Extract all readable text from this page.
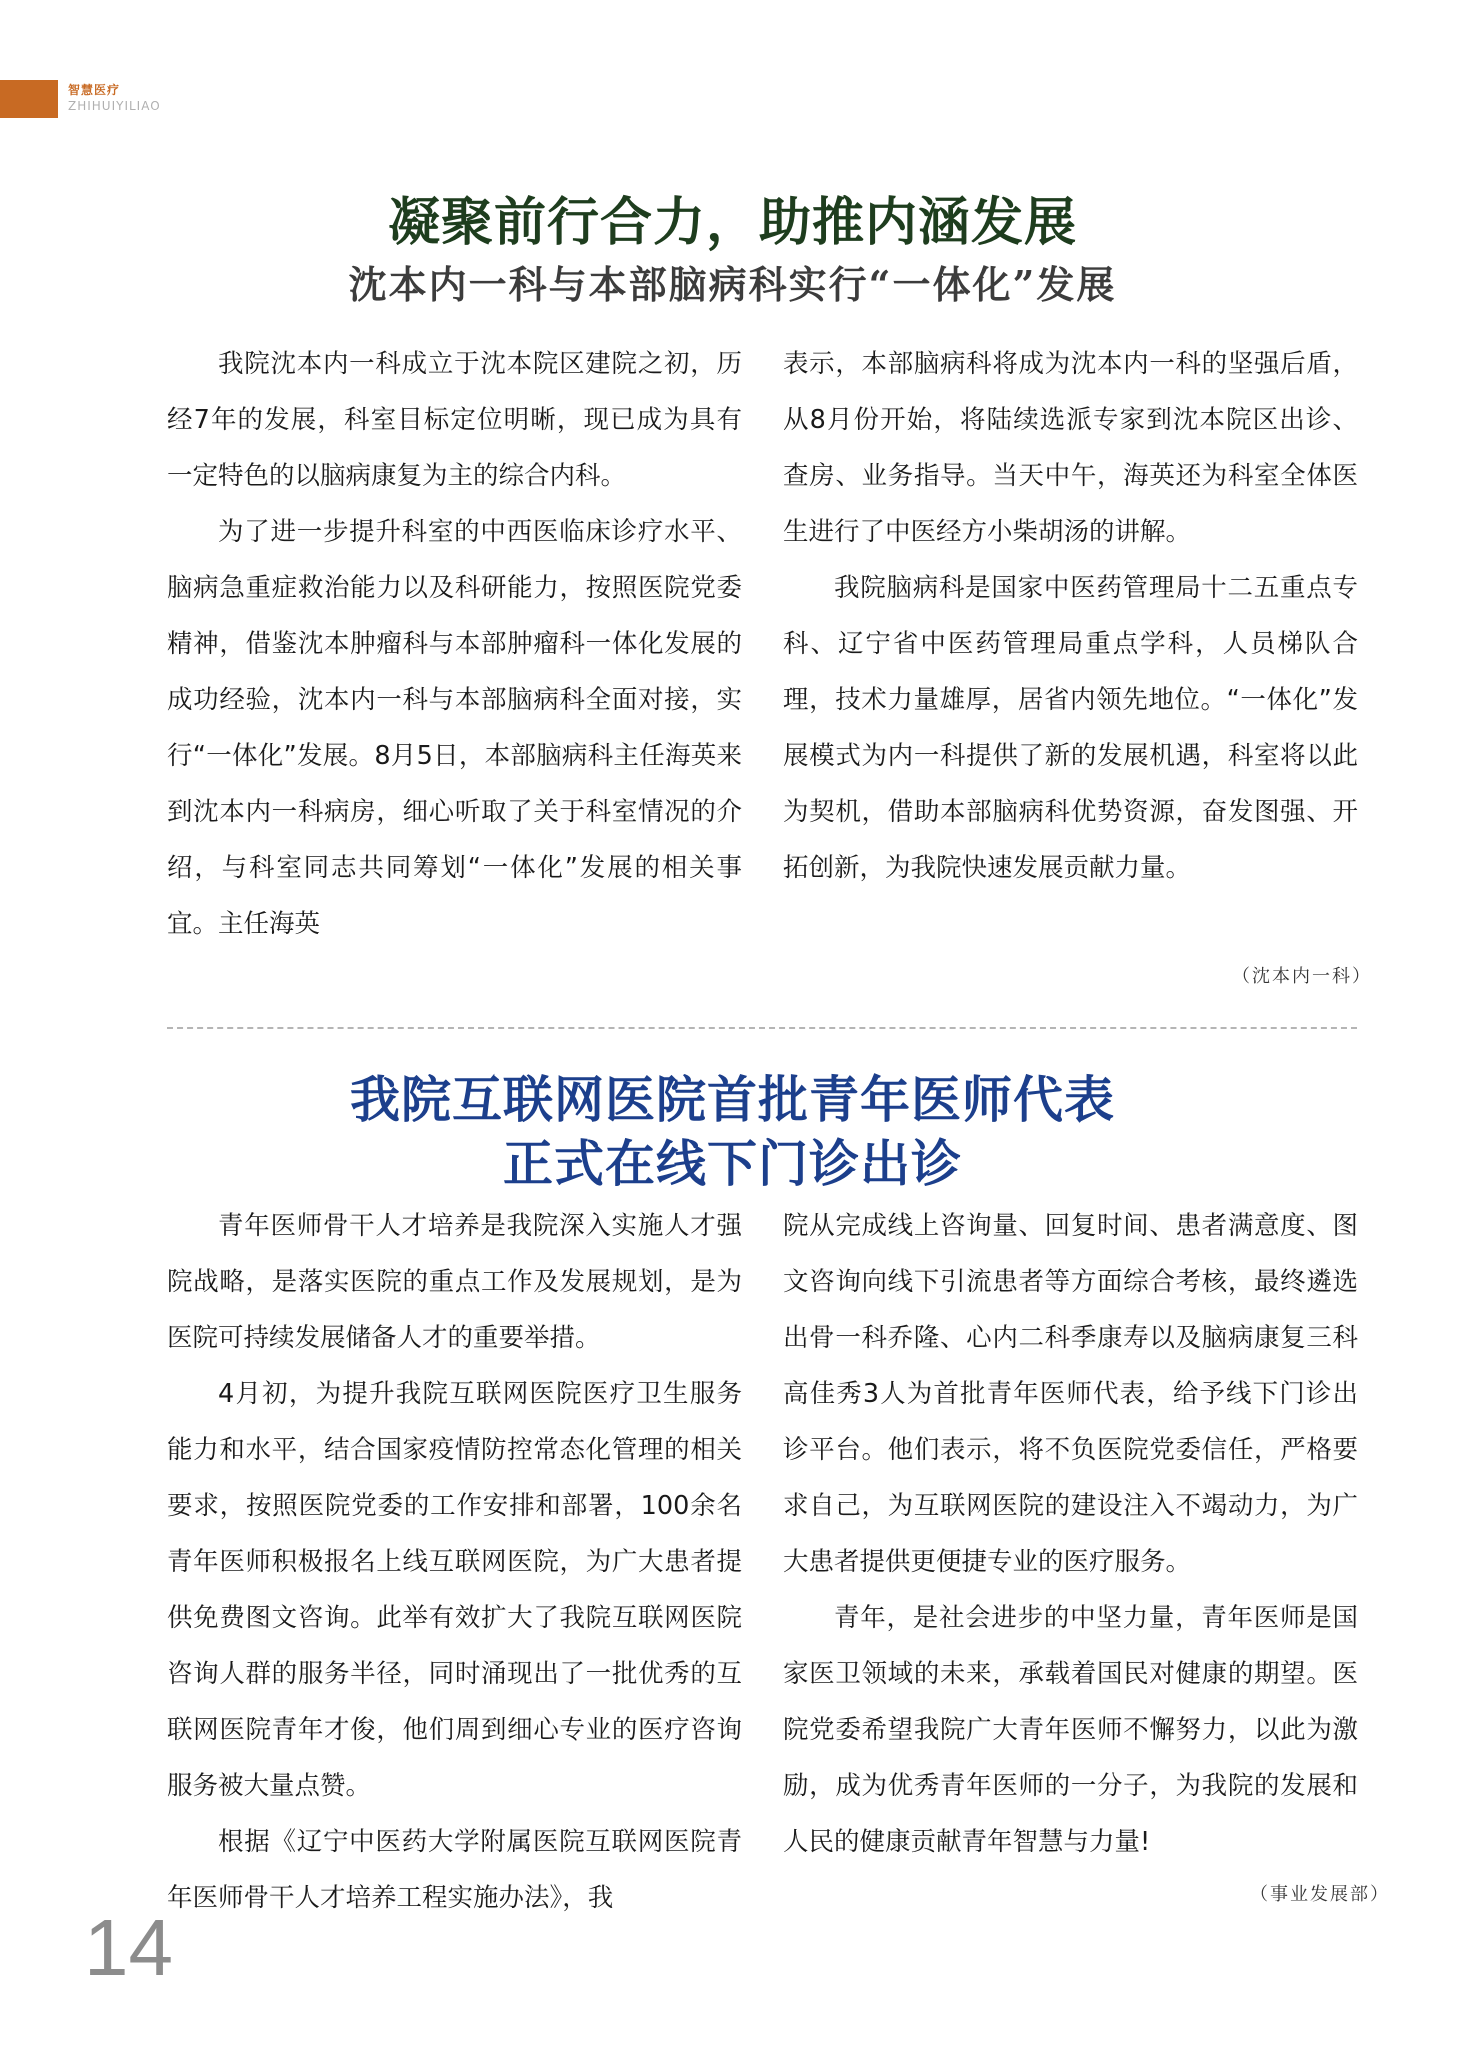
智慧医疗
ZHIHUIYILIAO
凝聚前行合力，助推内涵发展
沈本内一科与本部脑病科实行“一体化”发展

我院沈本内一科成立于沈本院区建院之初，历经7年的发展，科室目标定位明晰，现已成为具有一定特色的以脑病康复为主的综合内科。

为了进一步提升科室的中西医临床诊疗水平、脑病急重症救治能力以及科研能力，按照医院党委精神，借鉴沈本肿瘤科与本部肿瘤科一体化发展的成功经验，沈本内一科与本部脑病科全面对接，实行“一体化”发展。8月5日，本部脑病科主任海英来到沈本内一科病房，细心听取了关于科室情况的介绍，与科室同志共同筹划“一体化”发展的相关事宜。主任海英

表示，本部脑病科将成为沈本内一科的坚强后盾，从8月份开始，将陆续选派专家到沈本院区出诊、查房、业务指导。当天中午，海英还为科室全体医生进行了中医经方小柴胡汤的讲解。

我院脑病科是国家中医药管理局十二五重点专科、辽宁省中医药管理局重点学科，人员梯队合理，技术力量雄厚，居省内领先地位。“一体化”发展模式为内一科提供了新的发展机遇，科室将以此为契机，借助本部脑病科优势资源，奋发图强、开拓创新，为我院快速发展贡献力量。

（沈本内一科）
我院互联网医院首批青年医师代表
正式在线下门诊出诊

青年医师骨干人才培养是我院深入实施人才强院战略，是落实医院的重点工作及发展规划，是为医院可持续发展储备人才的重要举措。

4月初，为提升我院互联网医院医疗卫生服务能力和水平，结合国家疫情防控常态化管理的相关要求，按照医院党委的工作安排和部署，100余名青年医师积极报名上线互联网医院，为广大患者提供免费图文咨询。此举有效扩大了我院互联网医院咨询人群的服务半径，同时涌现出了一批优秀的互联网医院青年才俊，他们周到细心专业的医疗咨询服务被大量点赞。

根据《辽宁中医药大学附属医院互联网医院青年医师骨干人才培养工程实施办法》，我

院从完成线上咨询量、回复时间、患者满意度、图文咨询向线下引流患者等方面综合考核，最终遴选出骨一科乔隆、心内二科季康寿以及脑病康复三科高佳秀3人为首批青年医师代表，给予线下门诊出诊平台。他们表示，将不负医院党委信任，严格要求自己，为互联网医院的建设注入不竭动力，为广大患者提供更便捷专业的医疗服务。

青年，是社会进步的中坚力量，青年医师是国家医卫领域的未来，承载着国民对健康的期望。医院党委希望我院广大青年医师不懈努力，以此为激励，成为优秀青年医师的一分子，为我院的发展和人民的健康贡献青年智慧与力量!

（事业发展部）
14
